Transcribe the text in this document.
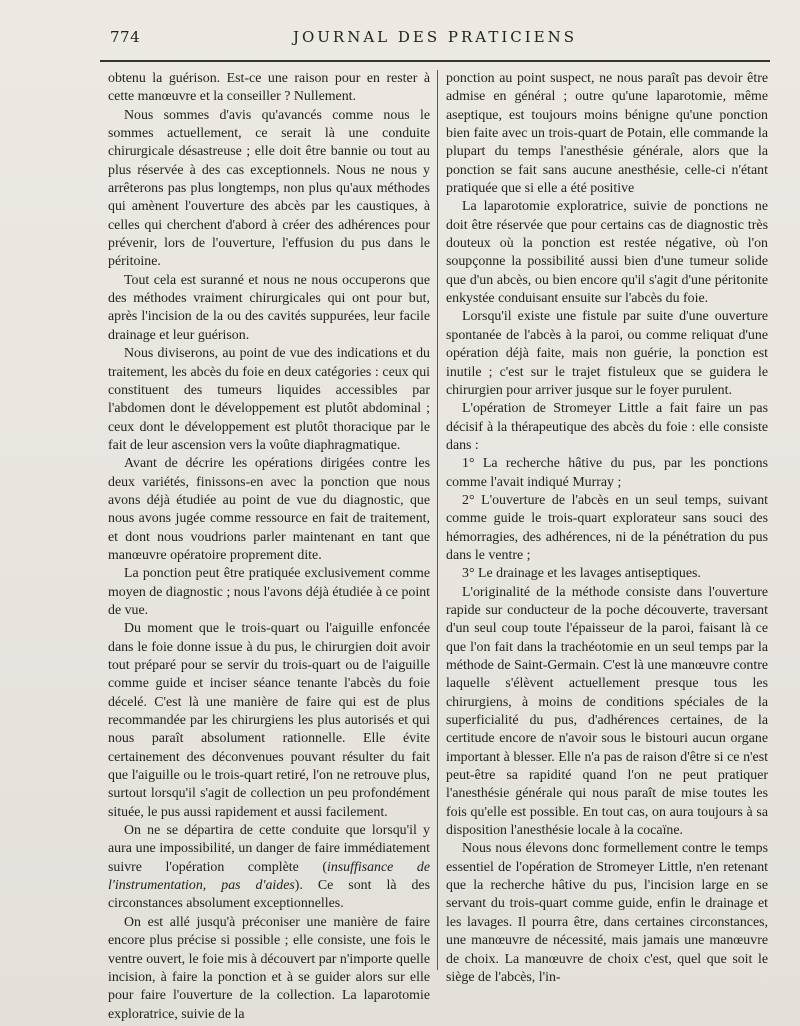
774	JOURNAL DES PRATICIENS

obtenu la guérison. Est-ce une raison pour en rester à cette manœuvre et la conseiller ? Nullement.

Nous sommes d'avis qu'avancés comme nous le sommes actuellement, ce serait là une conduite chirurgicale désastreuse ; elle doit être bannie ou tout au plus réservée à des cas exceptionnels. Nous ne nous y arrêterons pas plus longtemps, non plus qu'aux méthodes qui amènent l'ouverture des abcès par les caustiques, à celles qui cherchent d'abord à créer des adhérences pour prévenir, lors de l'ouverture, l'effusion du pus dans le péritoine.

Tout cela est suranné et nous ne nous occuperons que des méthodes vraiment chirurgicales qui ont pour but, après l'incision de la ou des cavités suppurées, leur facile drainage et leur guérison.

Nous diviserons, au point de vue des indications et du traitement, les abcès du foie en deux catégories : ceux qui constituent des tumeurs liquides accessibles par l'abdomen dont le développement est plutôt abdominal ; ceux dont le développement est plutôt thoracique par le fait de leur ascension vers la voûte diaphragmatique.

Avant de décrire les opérations dirigées contre les deux variétés, finissons-en avec la ponction que nous avons déjà étudiée au point de vue du diagnostic, que nous avons jugée comme ressource en fait de traitement, et dont nous voudrions parler maintenant en tant que manœuvre opératoire proprement dite.

La ponction peut être pratiquée exclusivement comme moyen de diagnostic ; nous l'avons déjà étudiée à ce point de vue.

Du moment que le trois-quart ou l'aiguille enfoncée dans le foie donne issue à du pus, le chirurgien doit avoir tout préparé pour se servir du trois-quart ou de l'aiguille comme guide et inciser séance tenante l'abcès du foie décelé. C'est là une manière de faire qui est de plus recommandée par les chirurgiens les plus autorisés et qui nous paraît absolument rationnelle. Elle évite certainement des déconvenues pouvant résulter du fait que l'aiguille ou le trois-quart retiré, l'on ne retrouve plus, surtout lorsqu'il s'agit de collection un peu profondément située, le pus aussi rapidement et aussi facilement.

On ne se départira de cette conduite que lorsqu'il y aura une impossibilité, un danger de faire immédiatement suivre l'opération complète (insuffisance de l'instrumentation, pas d'aides). Ce sont là des circonstances absolument exceptionnelles.

On est allé jusqu'à préconiser une manière de faire encore plus précise si possible ; elle consiste, une fois le ventre ouvert, le foie mis à découvert par n'importe quelle incision, à faire la ponction et à se guider alors sur elle pour faire l'ouverture de la collection. La laparotomie exploratrice, suivie de la

ponction au point suspect, ne nous paraît pas devoir être admise en général ; outre qu'une laparotomie, même aseptique, est toujours moins bénigne qu'une ponction bien faite avec un trois-quart de Potain, elle commande la plupart du temps l'anesthésie générale, alors que la ponction se fait sans aucune anesthésie, celle-ci n'étant pratiquée que si elle a été positive

La laparotomie exploratrice, suivie de ponctions ne doit être réservée que pour certains cas de diagnostic très douteux où la ponction est restée négative, où l'on soupçonne la possibilité aussi bien d'une tumeur solide que d'un abcès, ou bien encore qu'il s'agit d'une péritonite enkystée conduisant ensuite sur l'abcès du foie.

Lorsqu'il existe une fistule par suite d'une ouverture spontanée de l'abcès à la paroi, ou comme reliquat d'une opération déjà faite, mais non guérie, la ponction est inutile ; c'est sur le trajet fistuleux que se guidera le chirurgien pour arriver jusque sur le foyer purulent.

L'opération de Stromeyer Little a fait faire un pas décisif à la thérapeutique des abcès du foie : elle consiste dans :

1° La recherche hâtive du pus, par les ponctions comme l'avait indiqué Murray ;

2° L'ouverture de l'abcès en un seul temps, suivant comme guide le trois-quart explorateur sans souci des hémorragies, des adhérences, ni de la pénétration du pus dans le ventre ;

3° Le drainage et les lavages antiseptiques.

L'originalité de la méthode consiste dans l'ouverture rapide sur conducteur de la poche découverte, traversant d'un seul coup toute l'épaisseur de la paroi, faisant là ce que l'on fait dans la trachéotomie en un seul temps par la méthode de Saint-Germain. C'est là une manœuvre contre laquelle s'élèvent actuellement presque tous les chirurgiens, à moins de conditions spéciales de la superficialité du pus, d'adhérences certaines, de la certitude encore de n'avoir sous le bistouri aucun organe important à blesser. Elle n'a pas de raison d'être si ce n'est peut-être sa rapidité quand l'on ne peut pratiquer l'anesthésie générale qui nous paraît de mise toutes les fois qu'elle est possible. En tout cas, on aura toujours à sa disposition l'anesthésie locale à la cocaïne.

Nous nous élevons donc formellement contre le temps essentiel de l'opération de Stromeyer Little, n'en retenant que la recherche hâtive du pus, l'incision large en se servant du trois-quart comme guide, enfin le drainage et les lavages. Il pourra être, dans certaines circonstances, une manœuvre de nécessité, mais jamais une manœuvre de choix. La manœuvre de choix c'est, quel que soit le siège de l'abcès, l'in-
